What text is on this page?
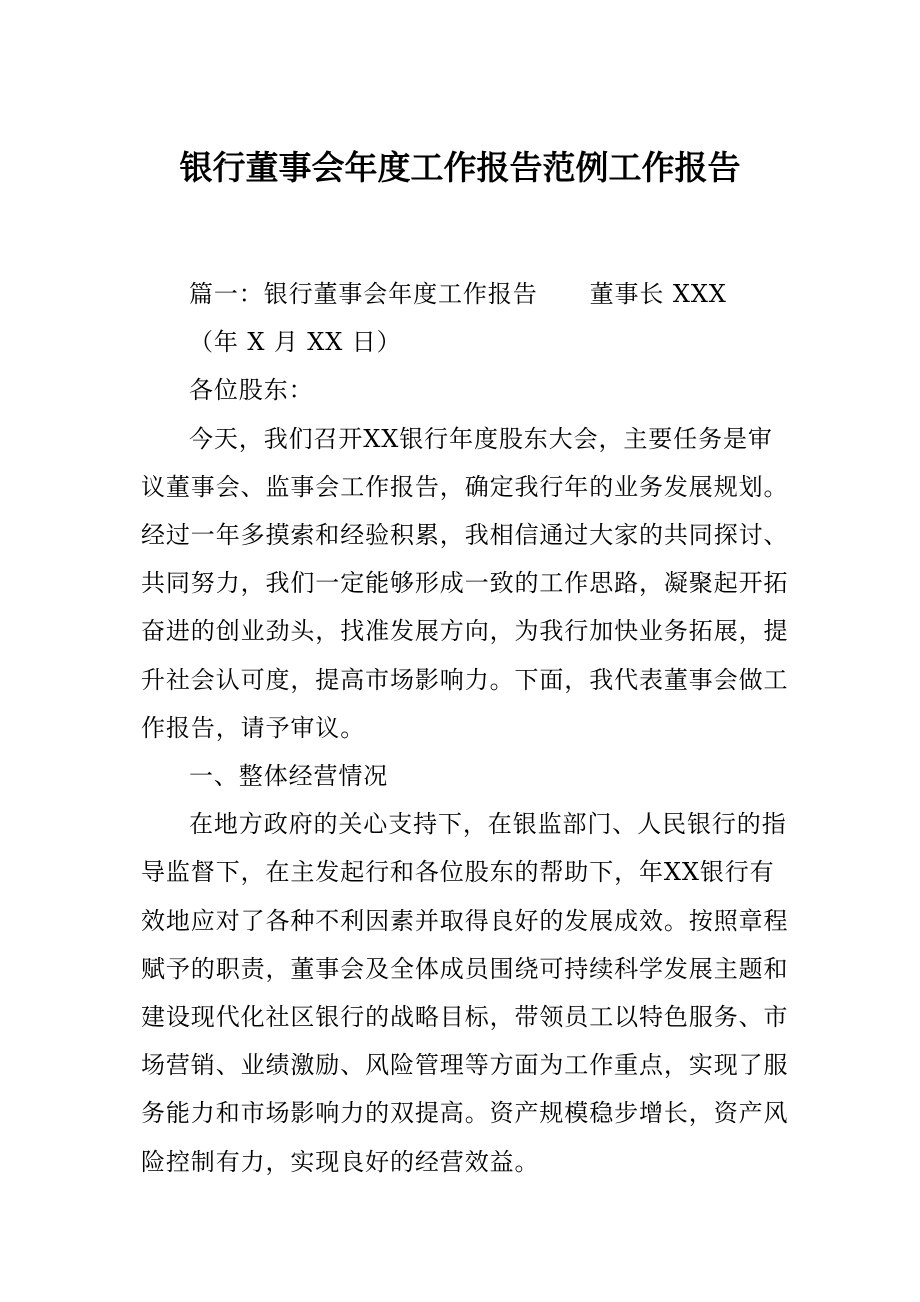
银行董事会年度工作报告范例工作报告

篇一：银行董事会年度工作报告 董事长 XXX

（年 X 月 XX 日）

各位股东：

今天，我们召开XX银行年度股东大会，主要任务是审议董事会、监事会工作报告，确定我行年的业务发展规划。经过一年多摸索和经验积累，我相信通过大家的共同探讨、共同努力，我们一定能够形成一致的工作思路，凝聚起开拓奋进的创业劲头，找准发展方向，为我行加快业务拓展，提升社会认可度，提高市场影响力。下面，我代表董事会做工作报告，请予审议。

一、整体经营情况

在地方政府的关心支持下，在银监部门、人民银行的指导监督下，在主发起行和各位股东的帮助下，年XX银行有效地应对了各种不利因素并取得良好的发展成效。按照章程赋予的职责，董事会及全体成员围绕可持续科学发展主题和建设现代化社区银行的战略目标，带领员工以特色服务、市场营销、业绩激励、风险管理等方面为工作重点，实现了服务能力和市场影响力的双提高。资产规模稳步增长，资产风险控制有力，实现良好的经营效益。
